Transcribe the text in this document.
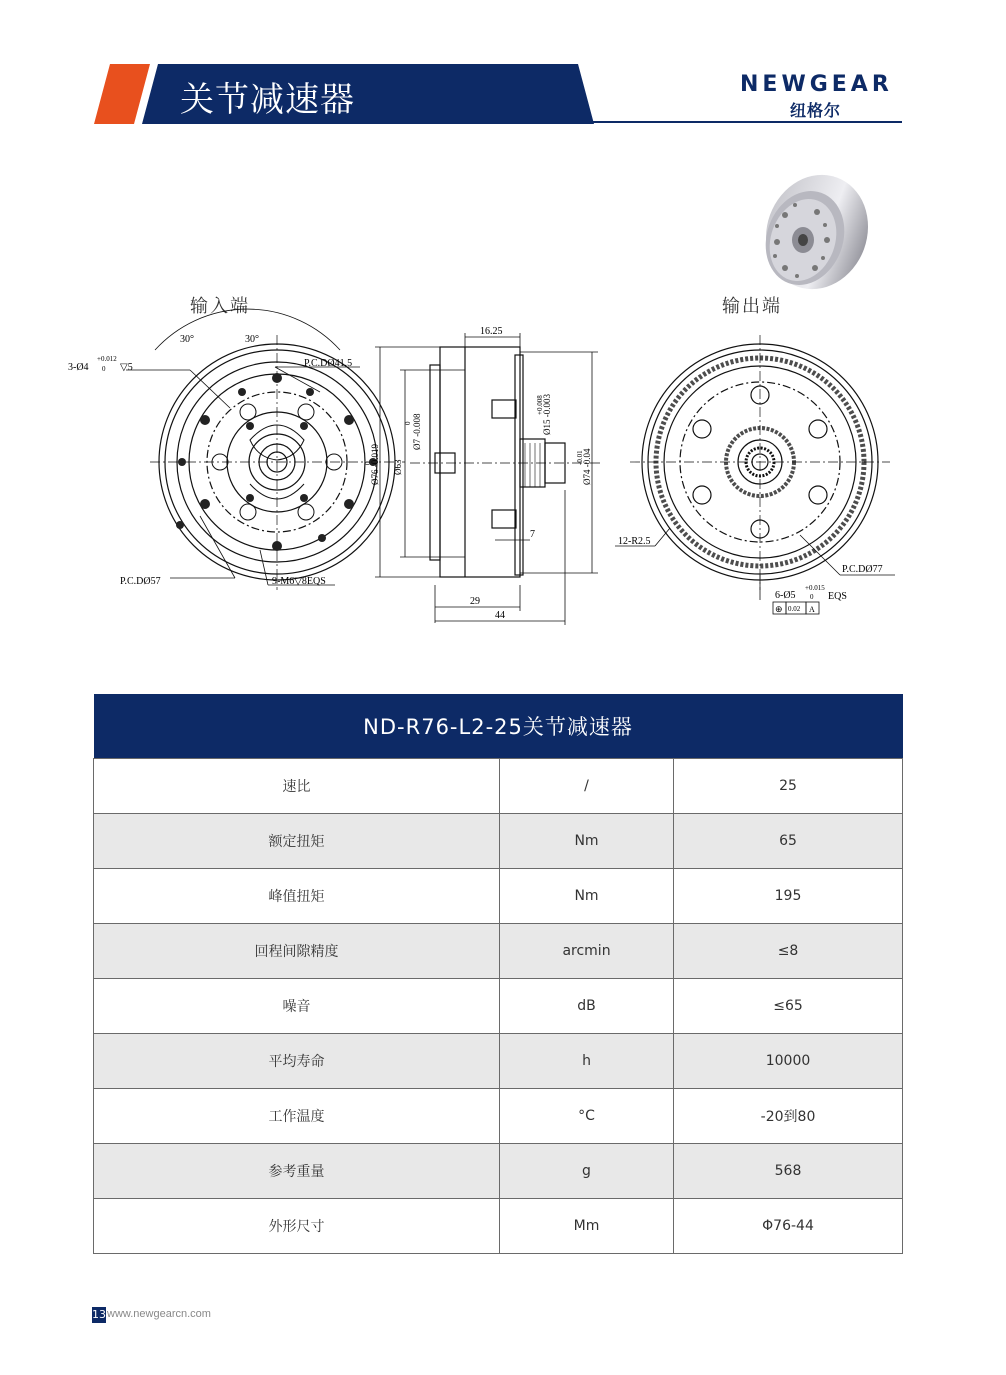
关节减速器	NEWGEAR
纽格尔
输入端	输出端
30°	30°
3-Ø4
+0.012
0 ▽5	P.C.DØ41.5
P.C.DØ57	9-M6▽8EQS
16.25
Ø76 -0.019
0 Ø63
Ø7 -0.008
0	Ø15 -0.003
+0.008
Ø74 -0.04
-0.01
7
29
44
12-R2.5
P.C.DØ77
6-Ø5
+0.015
0 EQS
⊕ 0.02 A
ND-R76-L2-25关节减速器		
速比	/	25
额定扭矩	Nm	65
峰值扭矩	Nm	195
回程间隙精度	arcmin	≤8
噪音	dB	≤65
平均寿命	h	10000
工作温度	°C	-20到80
参考重量	g	568
外形尺寸	Mm	Φ76-44
13 www.newgearcn.com
